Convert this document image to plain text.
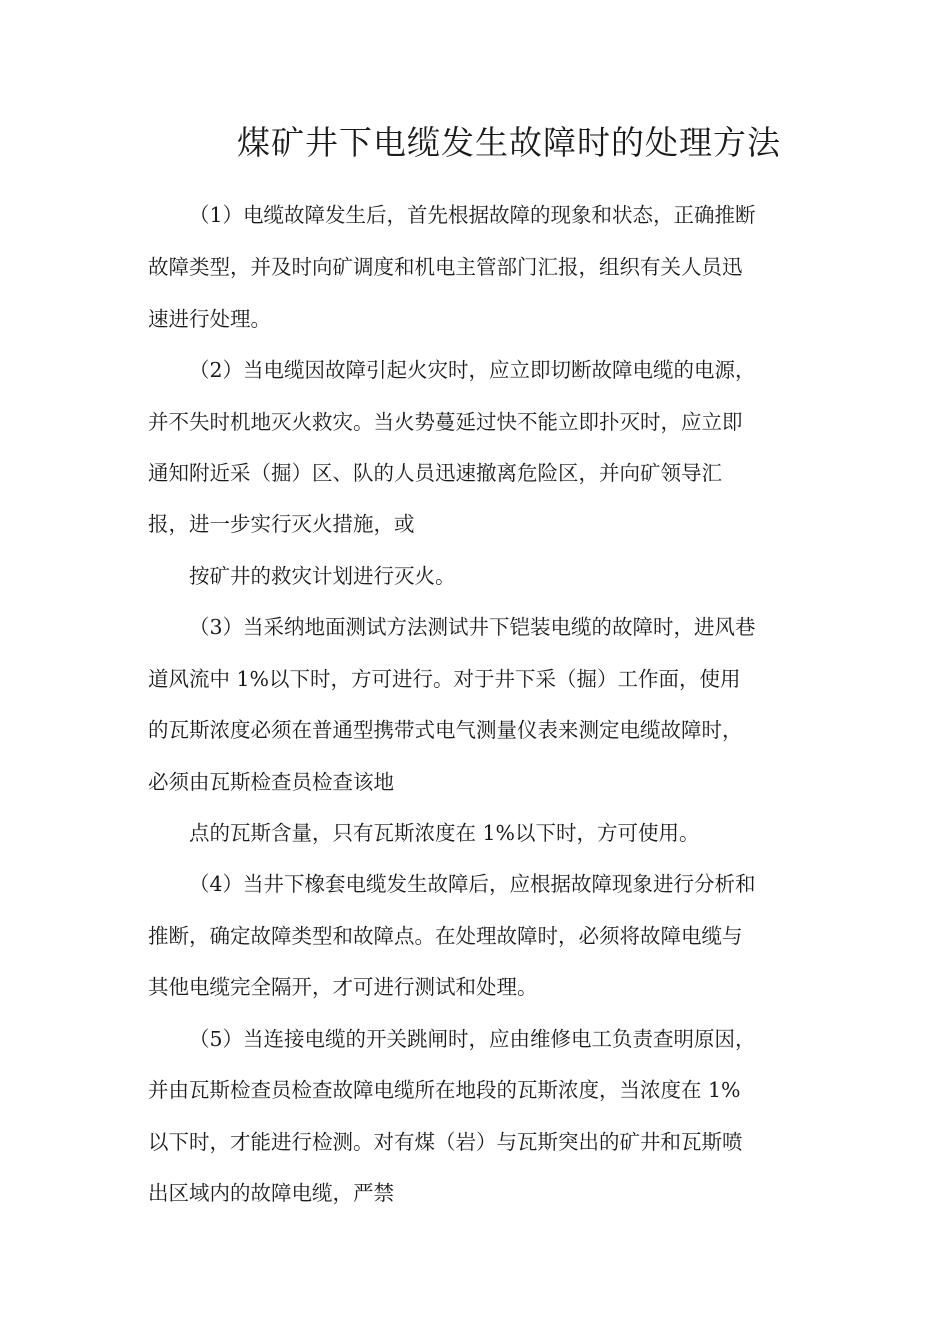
煤矿井下电缆发生故障时的处理方法
（1）电缆故障发生后，首先根据故障的现象和状态，正确推断
故障类型，并及时向矿调度和机电主管部门汇报，组织有关人员迅
速进行处理。
（2）当电缆因故障引起火灾时，应立即切断故障电缆的电源，
并不失时机地灭火救灾。当火势蔓延过快不能立即扑灭时，应立即
通知附近采（掘）区、队的人员迅速撤离危险区，并向矿领导汇
报，进一步实行灭火措施，或
按矿井的救灾计划进行灭火。
（3）当采纳地面测试方法测试井下铠装电缆的故障时，进风巷
道风流中 1%以下时，方可进行。对于井下采（掘）工作面，使用
的瓦斯浓度必须在普通型携带式电气测量仪表来测定电缆故障时，
必须由瓦斯检查员检查该地
点的瓦斯含量，只有瓦斯浓度在 1%以下时，方可使用。
（4）当井下橡套电缆发生故障后，应根据故障现象进行分析和
推断，确定故障类型和故障点。在处理故障时，必须将故障电缆与
其他电缆完全隔开，才可进行测试和处理。
（5）当连接电缆的开关跳闸时，应由维修电工负责查明原因，
并由瓦斯检查员检查故障电缆所在地段的瓦斯浓度，当浓度在 1%
以下时，才能进行检测。对有煤（岩）与瓦斯突出的矿井和瓦斯喷
出区域内的故障电缆，严禁
